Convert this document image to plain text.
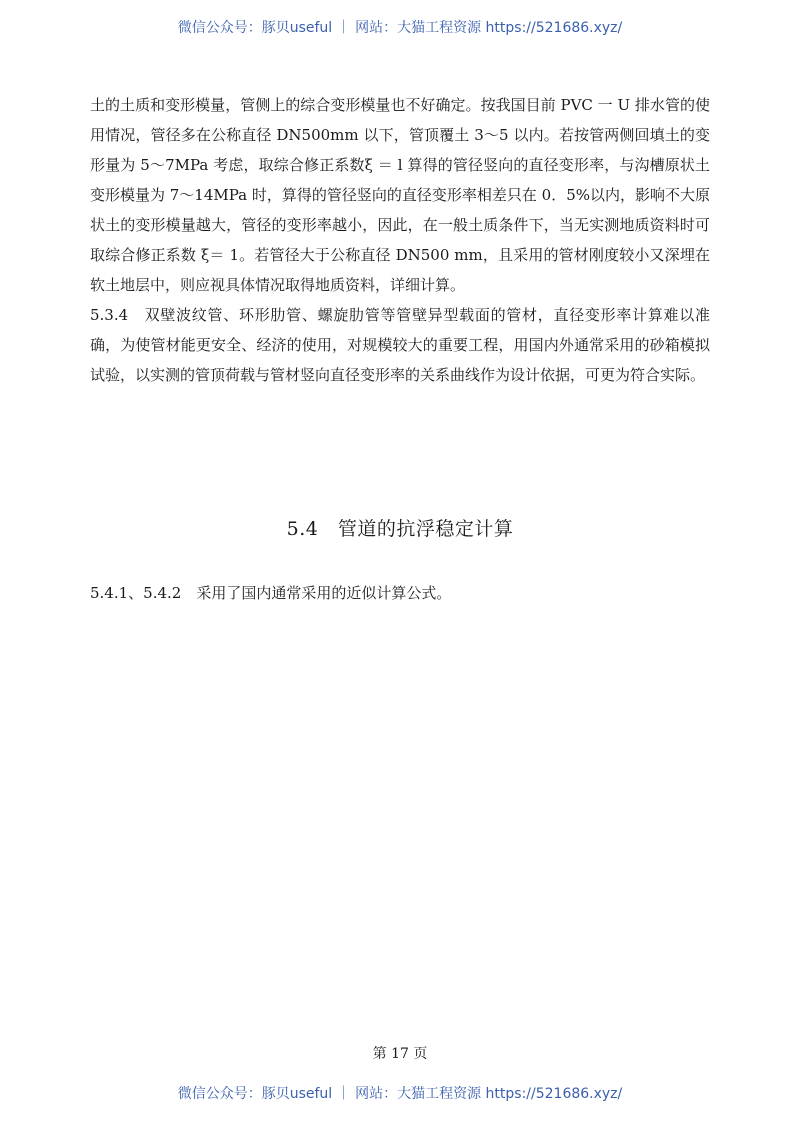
微信公众号：豚贝useful ｜ 网站：大猫工程资源 https://521686.xyz/

土的土质和变形模量，管侧上的综合变形模量也不好确定。按我国目前 PVC 一 U 排水管的使用情况，管径多在公称直径 DN500mm 以下，管顶覆土 3～5 以内。若按管两侧回填土的变形量为 5～7MPa 考虑，取综合修正系数ξ ＝ l 算得的管径竖向的直径变形率，与沟槽原状土变形模量为 7～14MPa 时，算得的管径竖向的直径变形率相差只在 0．5%以内，影响不大原状土的变形模量越大，管径的变形率越小，因此，在一般土质条件下，当无实测地质资料时可取综合修正系数 ξ＝ 1。若管径大于公称直径 DN500 mm，且采用的管材刚度较小又深埋在软土地层中，则应视具体情况取得地质资料，详细计算。

5.3.4　双壁波纹管、环形肋管、螺旋肋管等管壁异型载面的管材，直径变形率计算难以准确，为使管材能更安全、经济的使用，对规模较大的重要工程，用国内外通常采用的砂箱模拟试验，以实测的管顶荷载与管材竖向直径变形率的关系曲线作为设计依据，可更为符合实际。

5.4　管道的抗浮稳定计算

5.4.1、5.4.2　采用了国内通常采用的近似计算公式。

第 17 页
微信公众号：豚贝useful ｜ 网站：大猫工程资源 https://521686.xyz/
